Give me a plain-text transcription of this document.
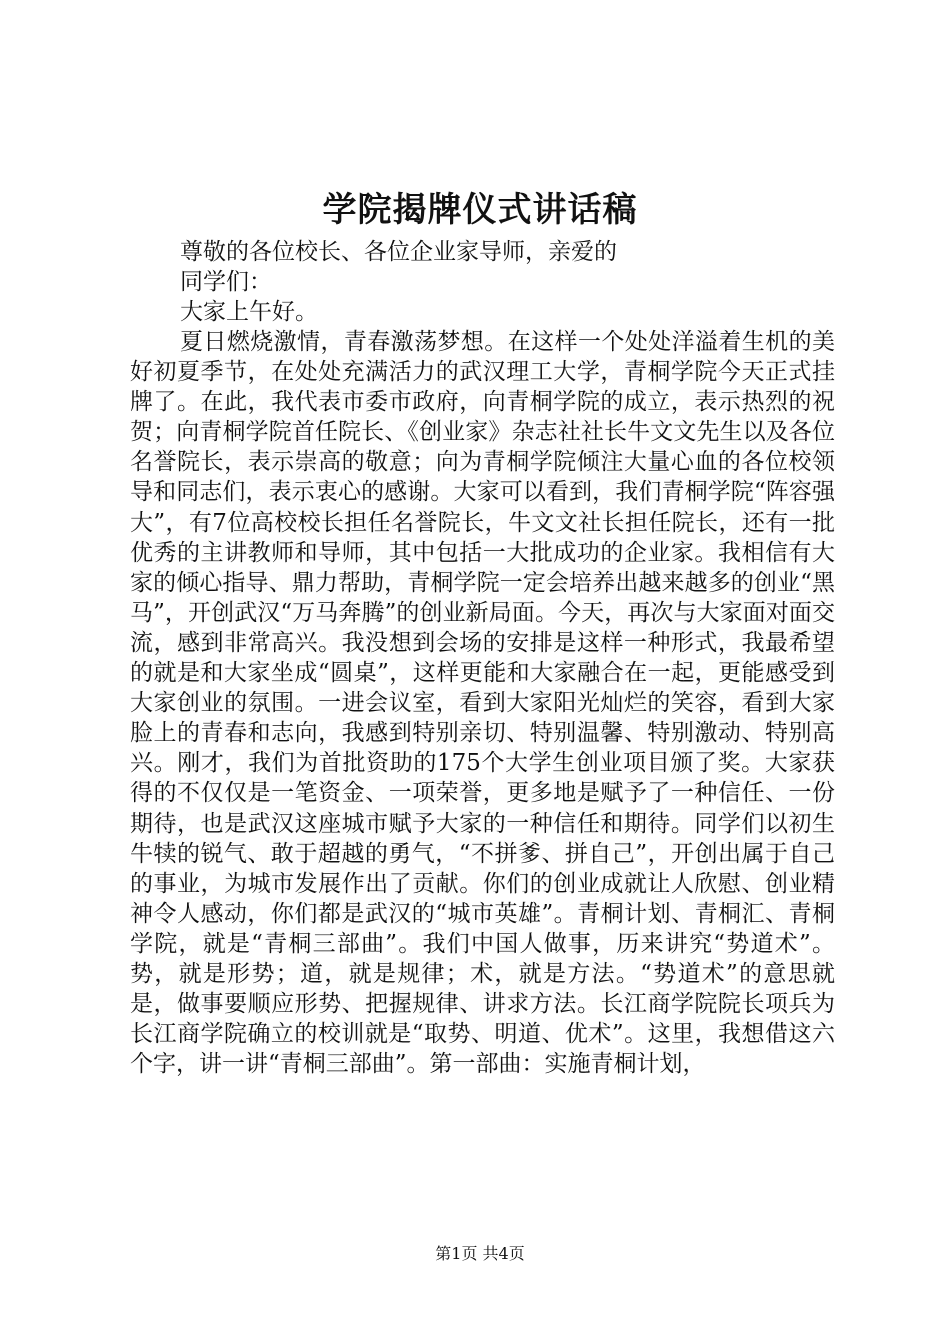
学院揭牌仪式讲话稿
尊敬的各位校长、各位企业家导师，亲爱的
同学们：
大家上午好。
夏日燃烧激情，青春激荡梦想。在这样一个处处洋溢着生机的美好初夏季节，在处处充满活力的武汉理工大学，青桐学院今天正式挂牌了。在此，我代表市委市政府，向青桐学院的成立，表示热烈的祝贺；向青桐学院首任院长、《创业家》杂志社社长牛文文先生以及各位名誉院长，表示崇高的敬意；向为青桐学院倾注大量心血的各位校领导和同志们，表示衷心的感谢。大家可以看到，我们青桐学院“阵容强大”，有7位高校校长担任名誉院长，牛文文社长担任院长，还有一批优秀的主讲教师和导师，其中包括一大批成功的企业家。我相信有大家的倾心指导、鼎力帮助，青桐学院一定会培养出越来越多的创业“黑马”，开创武汉“万马奔腾”的创业新局面。今天，再次与大家面对面交流，感到非常高兴。我没想到会场的安排是这样一种形式，我最希望的就是和大家坐成“圆桌”，这样更能和大家融合在一起，更能感受到大家创业的氛围。一进会议室，看到大家阳光灿烂的笑容，看到大家脸上的青春和志向，我感到特别亲切、特别温馨、特别激动、特别高兴。刚才，我们为首批资助的175个大学生创业项目颁了奖。大家获得的不仅仅是一笔资金、一项荣誉，更多地是赋予了一种信任、一份期待，也是武汉这座城市赋予大家的一种信任和期待。同学们以初生牛犊的锐气、敢于超越的勇气，“不拼爹、拼自己”，开创出属于自己的事业，为城市发展作出了贡献。你们的创业成就让人欣慰、创业精神令人感动，你们都是武汉的“城市英雄”。青桐计划、青桐汇、青桐学院，就是“青桐三部曲”。我们中国人做事，历来讲究“势道术”。势，就是形势；道，就是规律；术，就是方法。“势道术”的意思就是，做事要顺应形势、把握规律、讲求方法。长江商学院院长项兵为长江商学院确立的校训就是“取势、明道、优术”。这里，我想借这六个字，讲一讲“青桐三部曲”。第一部曲：实施青桐计划，
第1页 共4页
